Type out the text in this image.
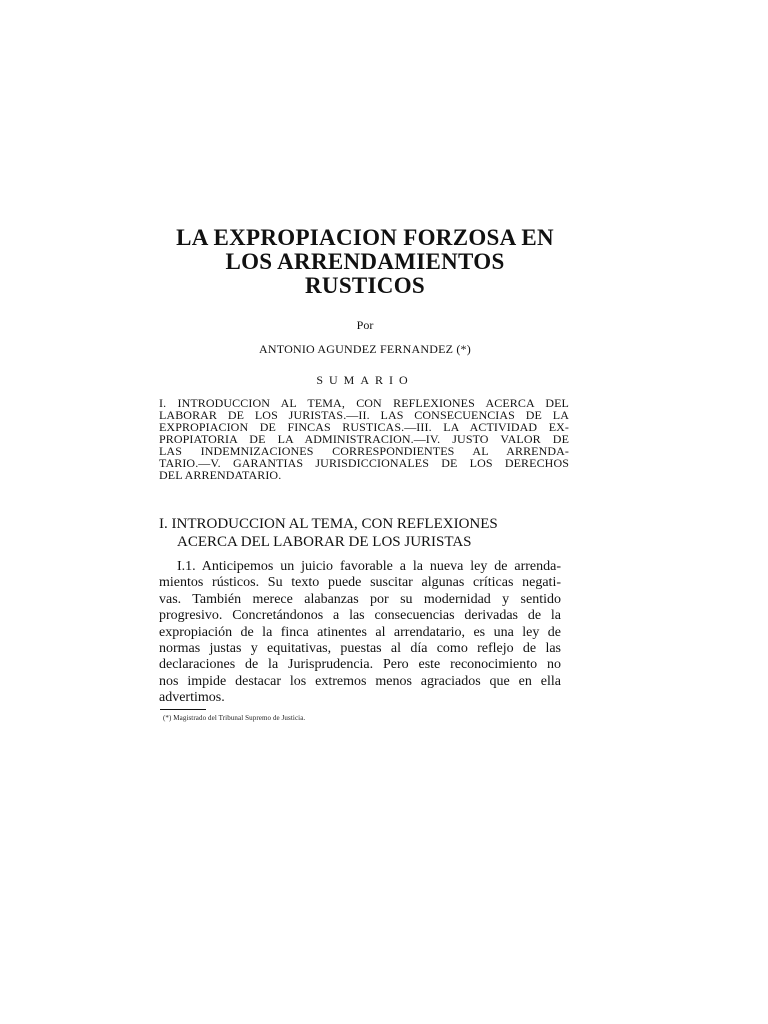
LA EXPROPIACION FORZOSA EN
LOS ARRENDAMIENTOS
RUSTICOS
Por
ANTONIO AGUNDEZ FERNANDEZ (*)
SUMARIO
I. INTRODUCCION AL TEMA, CON REFLEXIONES ACERCA DEL
LABORAR DE LOS JURISTAS.—II. LAS CONSECUENCIAS DE LA
EXPROPIACION DE FINCAS RUSTICAS.—III. LA ACTIVIDAD EX-
PROPIATORIA DE LA ADMINISTRACION.—IV. JUSTO VALOR DE
LAS INDEMNIZACIONES CORRESPONDIENTES AL ARRENDA-
TARIO.—V. GARANTIAS JURISDICCIONALES DE LOS DERECHOS
DEL ARRENDATARIO.
I. INTRODUCCION AL TEMA, CON REFLEXIONES
ACERCA DEL LABORAR DE LOS JURISTAS
I.1. Anticipemos un juicio favorable a la nueva ley de arrenda-
mientos rústicos. Su texto puede suscitar algunas críticas negati-
vas. También merece alabanzas por su modernidad y sentido
progresivo. Concretándonos a las consecuencias derivadas de la
expropiación de la finca atinentes al arrendatario, es una ley de
normas justas y equitativas, puestas al día como reflejo de las
declaraciones de la Jurisprudencia. Pero este reconocimiento no
nos impide destacar los extremos menos agraciados que en ella
advertimos.
(*) Magistrado del Tribunal Supremo de Justicia.
